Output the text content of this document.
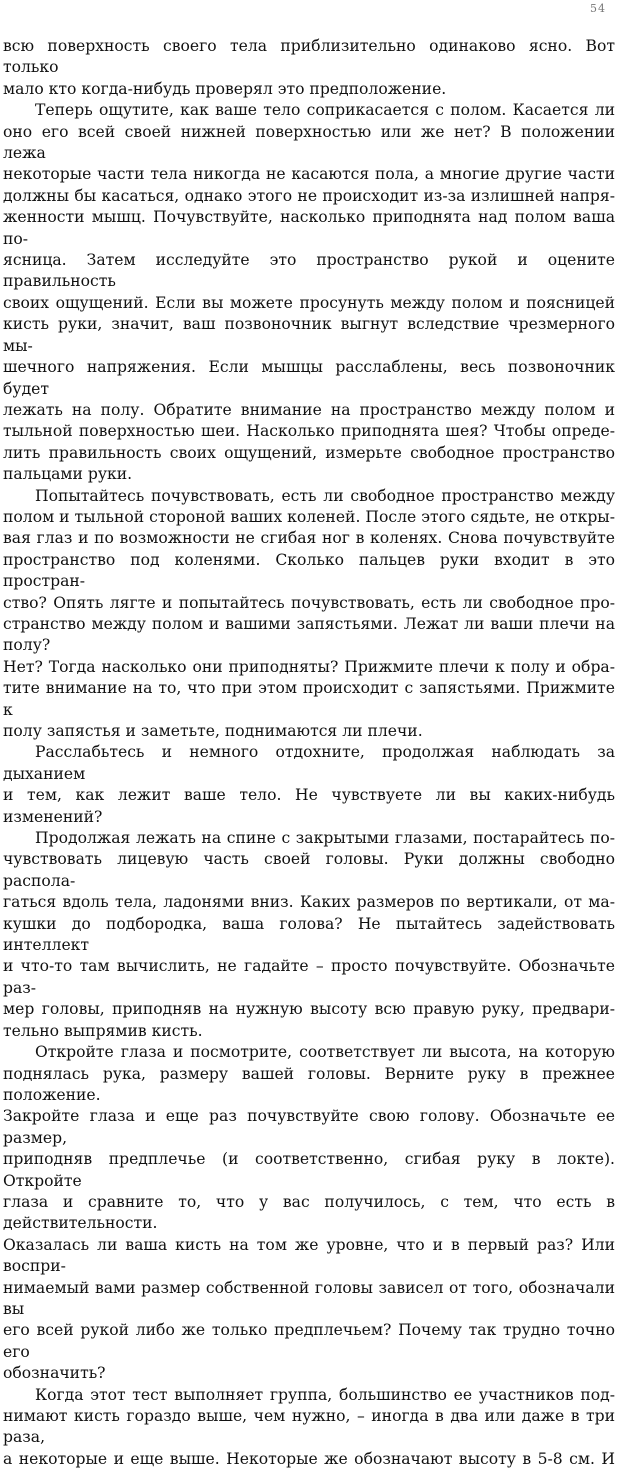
54

всю поверхность своего тела приблизительно одинаково ясно. Вот только

мало кто когда-нибудь проверял это предположение.

Теперь ощутите, как ваше тело соприкасается с полом. Касается ли

оно его всей своей нижней поверхностью или же нет? В положении лежа

некоторые части тела никогда не касаются пола, а многие другие части

должны бы касаться, однако этого не происходит из-за излишней напря-

женности мышц. Почувствуйте, насколько приподнята над полом ваша по-

ясница. Затем исследуйте это пространство рукой и оцените правильность

своих ощущений. Если вы можете просунуть между полом и поясницей

кисть руки, значит, ваш позвоночник выгнут вследствие чрезмерного мы-

шечного напряжения. Если мышцы расслаблены, весь позвоночник будет

лежать на полу. Обратите внимание на пространство между полом и

тыльной поверхностью шеи. Насколько приподнята шея? Чтобы опреде-

лить правильность своих ощущений, измерьте свободное пространство

пальцами руки.

Попытайтесь почувствовать, есть ли свободное пространство между

полом и тыльной стороной ваших коленей. После этого сядьте, не откры-

вая глаз и по возможности не сгибая ног в коленях. Снова почувствуйте

пространство под коленями. Сколько пальцев руки входит в это простран-

ство? Опять лягте и попытайтесь почувствовать, есть ли свободное про-

странство между полом и вашими запястьями. Лежат ли ваши плечи на полу?

Нет? Тогда насколько они приподняты? Прижмите плечи к полу и обра-

тите внимание на то, что при этом происходит с запястьями. Прижмите к

полу запястья и заметьте, поднимаются ли плечи.

Расслабьтесь и немного отдохните, продолжая наблюдать за дыханием

и тем, как лежит ваше тело. Не чувствуете ли вы каких-нибудь изменений?

Продолжая лежать на спине с закрытыми глазами, постарайтесь по-

чувствовать лицевую часть своей головы. Руки должны свободно распола-

гаться вдоль тела, ладонями вниз. Каких размеров по вертикали, от ма-

кушки до подбородка, ваша голова? Не пытайтесь задействовать интеллект

и что-то там вычислить, не гадайте – просто почувствуйте. Обозначьте раз-

мер головы, приподняв на нужную высоту всю правую руку, предвари-

тельно выпрямив кисть.

Откройте глаза и посмотрите, соответствует ли высота, на которую

поднялась рука, размеру вашей головы. Верните руку в прежнее положение.

Закройте глаза и еще раз почувствуйте свою голову. Обозначьте ее размер,

приподняв предплечье (и соответственно, сгибая руку в локте). Откройте

глаза и сравните то, что у вас получилось, с тем, что есть в действительности.

Оказалась ли ваша кисть на том же уровне, что и в первый раз? Или воспри-

нимаемый вами размер собственной головы зависел от того, обозначали вы

его всей рукой либо же только предплечьем? Почему так трудно точно его

обозначить?

Когда этот тест выполняет группа, большинство ее участников под-

нимают кисть гораздо выше, чем нужно, – иногда в два или даже в три раза,

а некоторые и еще выше. Некоторые же обозначают высоту в 5-8 см. И
